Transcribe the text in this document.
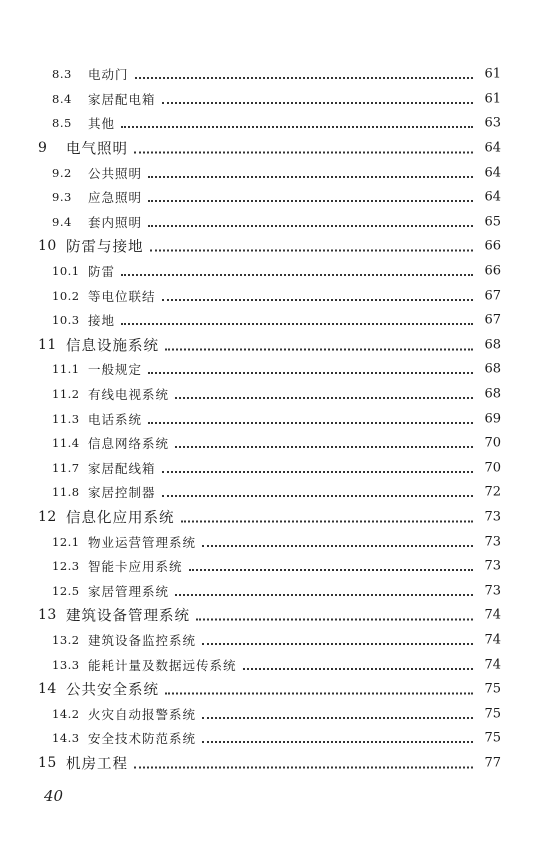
8.3 电动门	61
8.4 家居配电箱	61
8.5 其他	63
9 电气照明	64
9.2 公共照明	64
9.3 应急照明	64
9.4 套内照明	65
10 防雷与接地	66
10.1 防雷	66
10.2 等电位联结	67
10.3 接地	67
11 信息设施系统	68
11.1 一般规定	68
11.2 有线电视系统	68
11.3 电话系统	69
11.4 信息网络系统	70
11.7 家居配线箱	70
11.8 家居控制器	72
12 信息化应用系统	73
12.1 物业运营管理系统	73
12.3 智能卡应用系统	73
12.5 家居管理系统	73
13 建筑设备管理系统	74
13.2 建筑设备监控系统	74
13.3 能耗计量及数据远传系统	74
14 公共安全系统	75
14.2 火灾自动报警系统	75
14.3 安全技术防范系统	75
15 机房工程	77
40
